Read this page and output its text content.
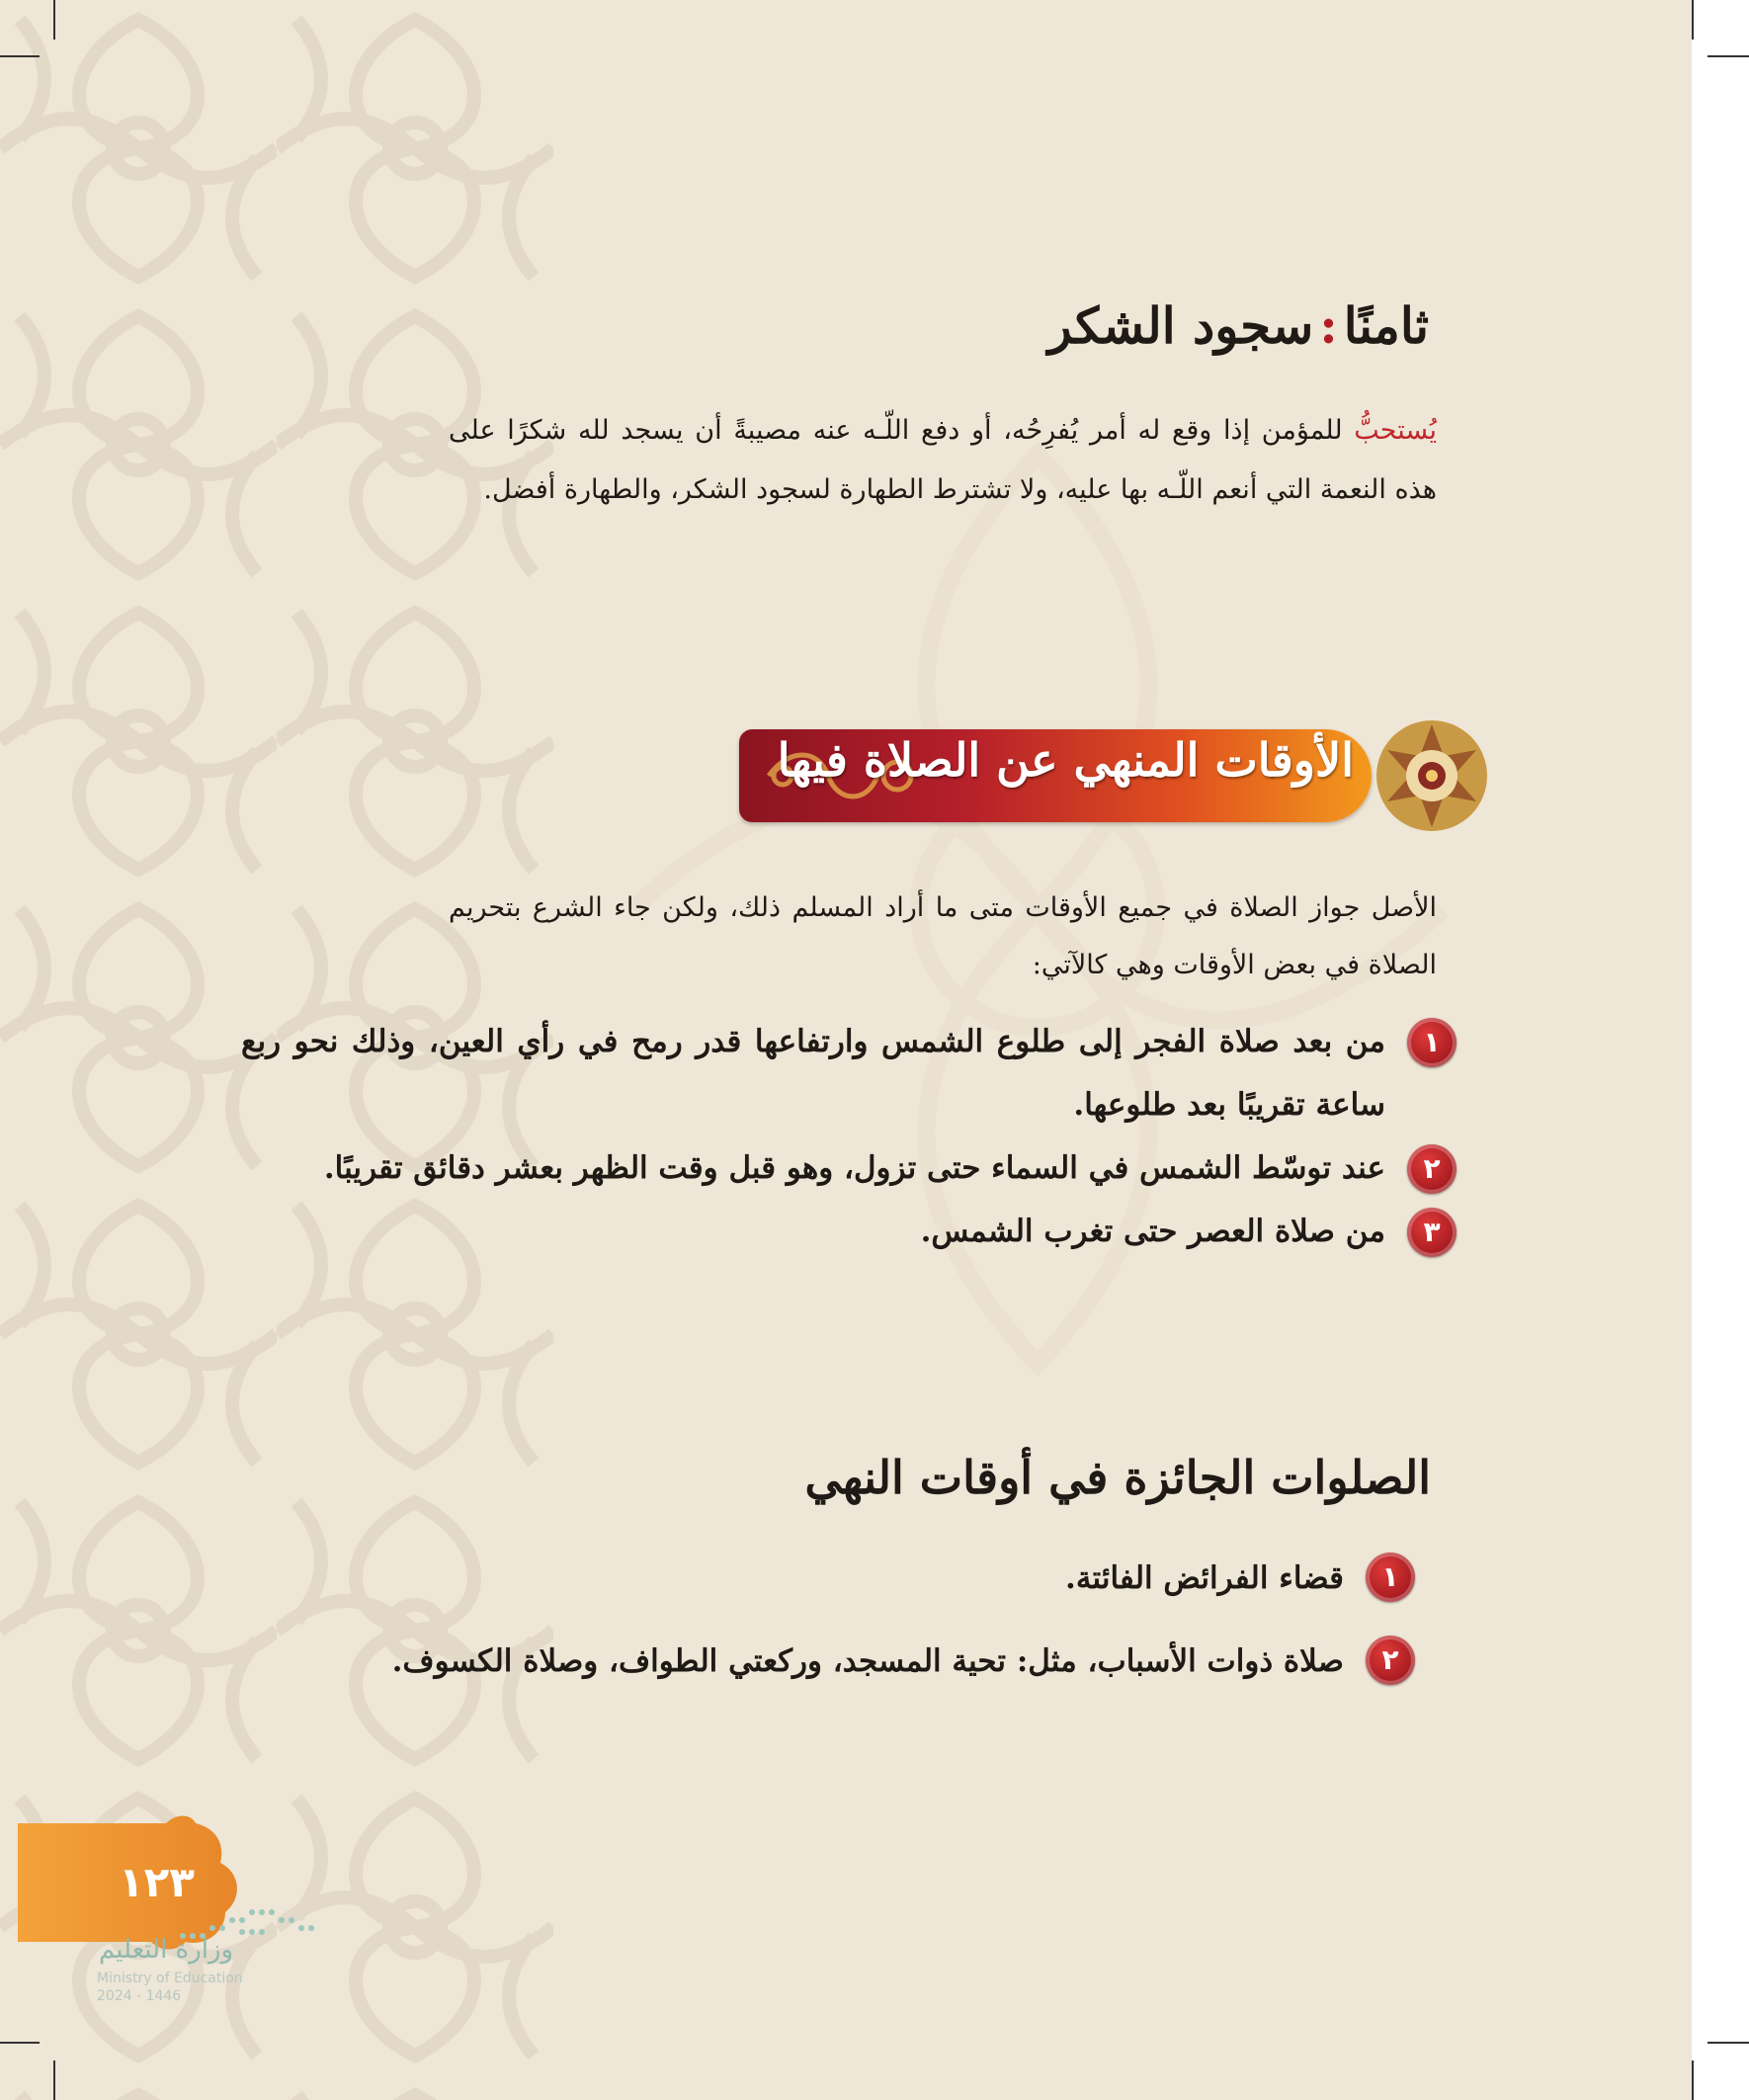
ثامنًا:سجود الشكر

يُستحبُّ للمؤمن إذا وقع له أمر يُفرِحُه، أو دفع اللّـه عنه مصيبةً أن يسجد لله شكرًا على هذه النعمة التي أنعم اللّـه بها عليه، ولا تشترط الطهارة لسجود الشكر، والطهارة أفضل.

الأوقات المنهي عن الصلاة فيها

الأصل جواز الصلاة في جميع الأوقات متى ما أراد المسلم ذلك، ولكن جاء الشرع بتحريم الصلاة في بعض الأوقات وهي كالآتي:

١
من بعد صلاة الفجر إلى طلوع الشمس وارتفاعها قدر رمح في رأي العين، وذلك نحو ربع ساعة تقريبًا بعد طلوعها.
٢
عند توسّط الشمس في السماء حتى تزول، وهو قبل وقت الظهر بعشر دقائق تقريبًا.
٣
من صلاة العصر حتى تغرب الشمس.
الصلوات الجائزة في أوقات النهي
١
قضاء الفرائض الفائتة.
٢
صلاة ذوات الأسباب، مثل: تحية المسجد، وركعتي الطواف، وصلاة الكسوف.

١٢٣

وزارة التعليم

Ministry of Education

2024 - 1446
